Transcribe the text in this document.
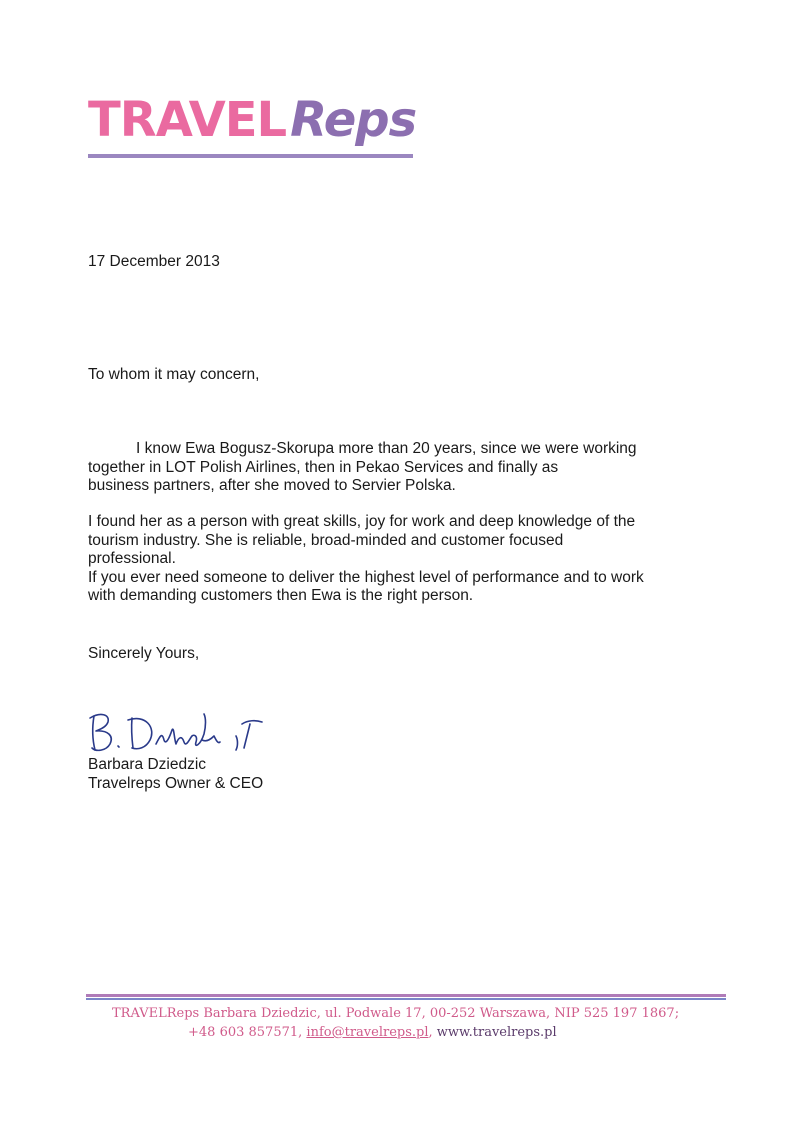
TRAVELReps
17 December 2013
To whom it may concern,
I know Ewa Bogusz-Skorupa more than 20 years, since we were working
together in LOT Polish Airlines, then in Pekao Services and finally as
business partners, after she moved to Servier Polska.
I found her as a person with great skills, joy for work and deep knowledge of the
tourism industry. She is reliable, broad-minded and customer focused
professional.
If you ever need someone to deliver the highest level of performance and to work
with demanding customers then Ewa is the right person.
Sincerely Yours,
Barbara Dziedzic
Travelreps Owner & CEO
TRAVELReps Barbara Dziedzic, ul. Podwale 17, 00-252 Warszawa, NIP 525 197 1867;
+48 603 857571, info@travelreps.pl, www.travelreps.pl
